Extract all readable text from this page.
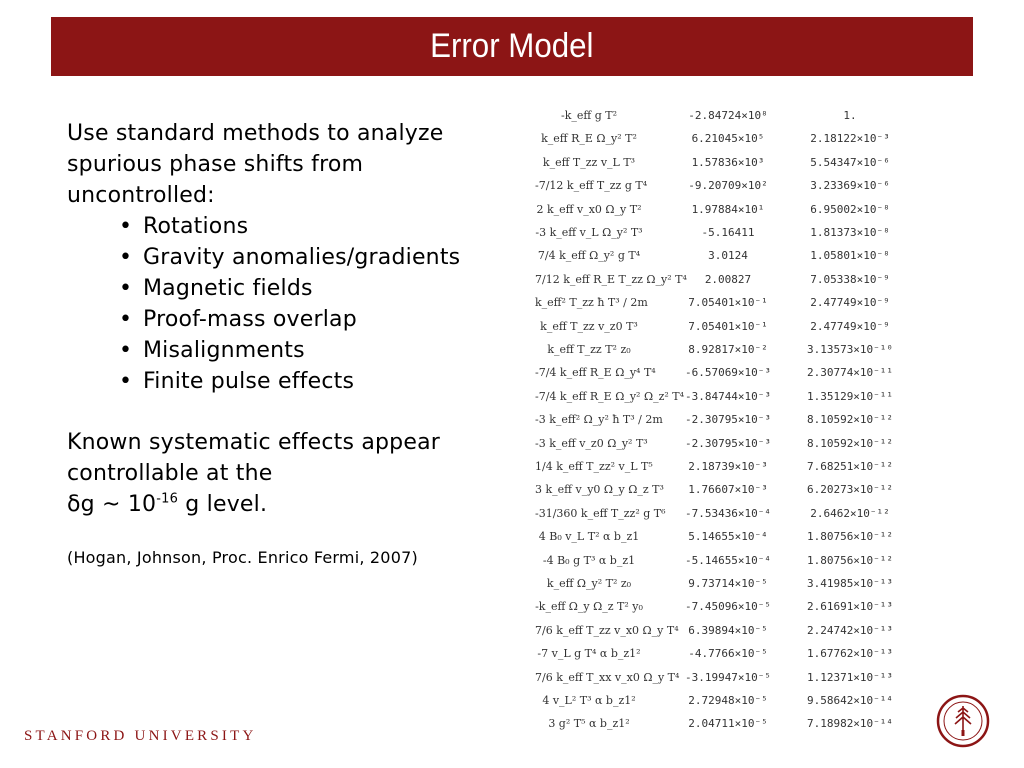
Error Model

Use standard methods to analyze spurious phase shifts from uncontrolled:

• Rotations
• Gravity anomalies/gradients
• Magnetic fields
• Proof-mass overlap
• Misalignments
• Finite pulse effects

Known systematic effects appear controllable at the
δg ~ $10^{-16}$ g level.

(Hogan, Johnson, Proc. Enrico Fermi, 2007)

-k_eff g T²	-2.84724×10⁸	1.
k_eff R_E Ω_y² T²	6.21045×10⁵	2.18122×10⁻³
k_eff T_zz v_L T³	1.57836×10³	5.54347×10⁻⁶
-7/12 k_eff T_zz g T⁴	-9.20709×10²	3.23369×10⁻⁶
2 k_eff v_x0 Ω_y T²	1.97884×10¹	6.95002×10⁻⁸
-3 k_eff v_L Ω_y² T³	-5.16411	1.81373×10⁻⁸
7/4 k_eff Ω_y² g T⁴	3.0124	1.05801×10⁻⁸
7/12 k_eff R_E T_zz Ω_y² T⁴	2.00827	7.05338×10⁻⁹
k_eff² T_zz ħ T³ / 2m	7.05401×10⁻¹	2.47749×10⁻⁹
k_eff T_zz v_z0 T³	7.05401×10⁻¹	2.47749×10⁻⁹
k_eff T_zz T² z₀	8.92817×10⁻²	3.13573×10⁻¹⁰
-7/4 k_eff R_E Ω_y⁴ T⁴	-6.57069×10⁻³	2.30774×10⁻¹¹
-7/4 k_eff R_E Ω_y² Ω_z² T⁴ -3.84744×10⁻³	1.35129×10⁻¹¹
-3 k_eff² Ω_y² ħ T³ / 2m	-2.30795×10⁻³	8.10592×10⁻¹²
-3 k_eff v_z0 Ω_y² T³	-2.30795×10⁻³	8.10592×10⁻¹²
1/4 k_eff T_zz² v_L T⁵	2.18739×10⁻³	7.68251×10⁻¹²
3 k_eff v_y0 Ω_y Ω_z T³	1.76607×10⁻³	6.20273×10⁻¹²
-31/360 k_eff T_zz² g T⁶	-7.53436×10⁻⁴	2.6462×10⁻¹²
4 B₀ v_L T² α b_z1	5.14655×10⁻⁴	1.80756×10⁻¹²
-4 B₀ g T³ α b_z1	-5.14655×10⁻⁴	1.80756×10⁻¹²
k_eff Ω_y² T² z₀	9.73714×10⁻⁵	3.41985×10⁻¹³
-k_eff Ω_y Ω_z T² y₀	-7.45096×10⁻⁵	2.61691×10⁻¹³
7/6 k_eff T_zz v_x0 Ω_y T⁴ 6.39894×10⁻⁵	2.24742×10⁻¹³
-7 v_L g T⁴ α b_z1²	-4.7766×10⁻⁵	1.67762×10⁻¹³
7/6 k_eff T_xx v_x0 Ω_y T⁴ -3.19947×10⁻⁵	1.12371×10⁻¹³
4 v_L² T³ α b_z1²	2.72948×10⁻⁵	9.58642×10⁻¹⁴
3 g² T⁵ α b_z1²	2.04711×10⁻⁵	7.18982×10⁻¹⁴
STANFORD UNIVERSITY
